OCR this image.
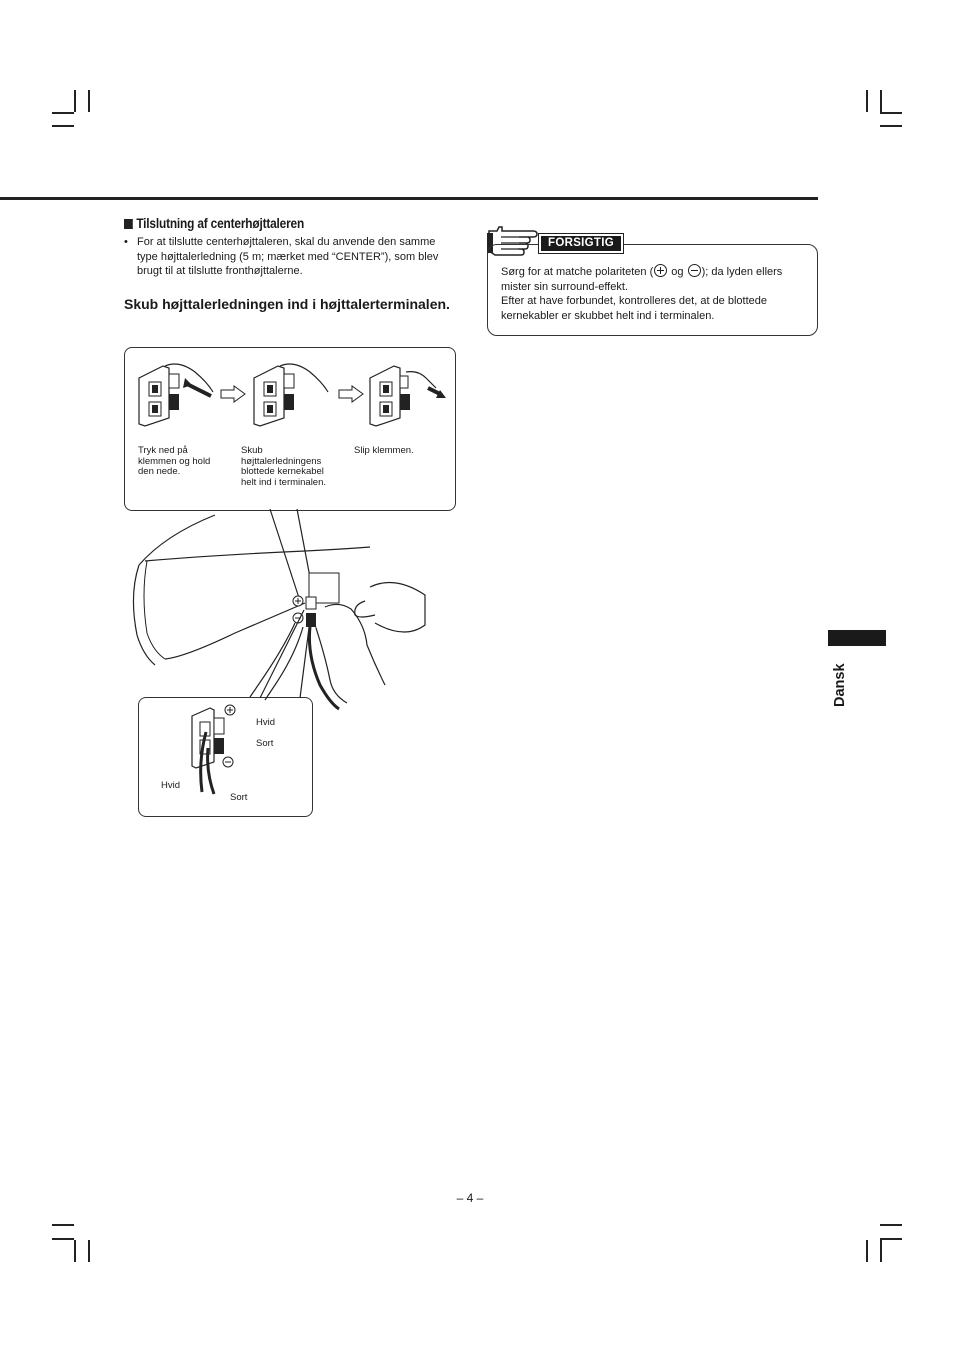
Tilslutning af centerhøjttaleren
• For at tilslutte centerhøjttaleren, skal du anvende den samme type højttalerledning (5 m; mærket med “CENTER”), som blev brugt til at tilslutte fronthøjttalerne.
Skub højttalerledningen ind i højttalerterminalen.
FORSIGTIG
Sørg for at matche polariteten ( og ); da lyden ellers mister sin surround-effekt.
Efter at have forbundet, kontrolleres det, at de blottede kernekabler er skubbet helt ind i terminalen.
Tryk ned på klemmen og hold den nede.
Skub højttalerledningens blottede kernekabel helt ind i terminalen.
Slip klemmen.
Hvid
Sort
Hvid
Sort
Dansk
– 4 –
